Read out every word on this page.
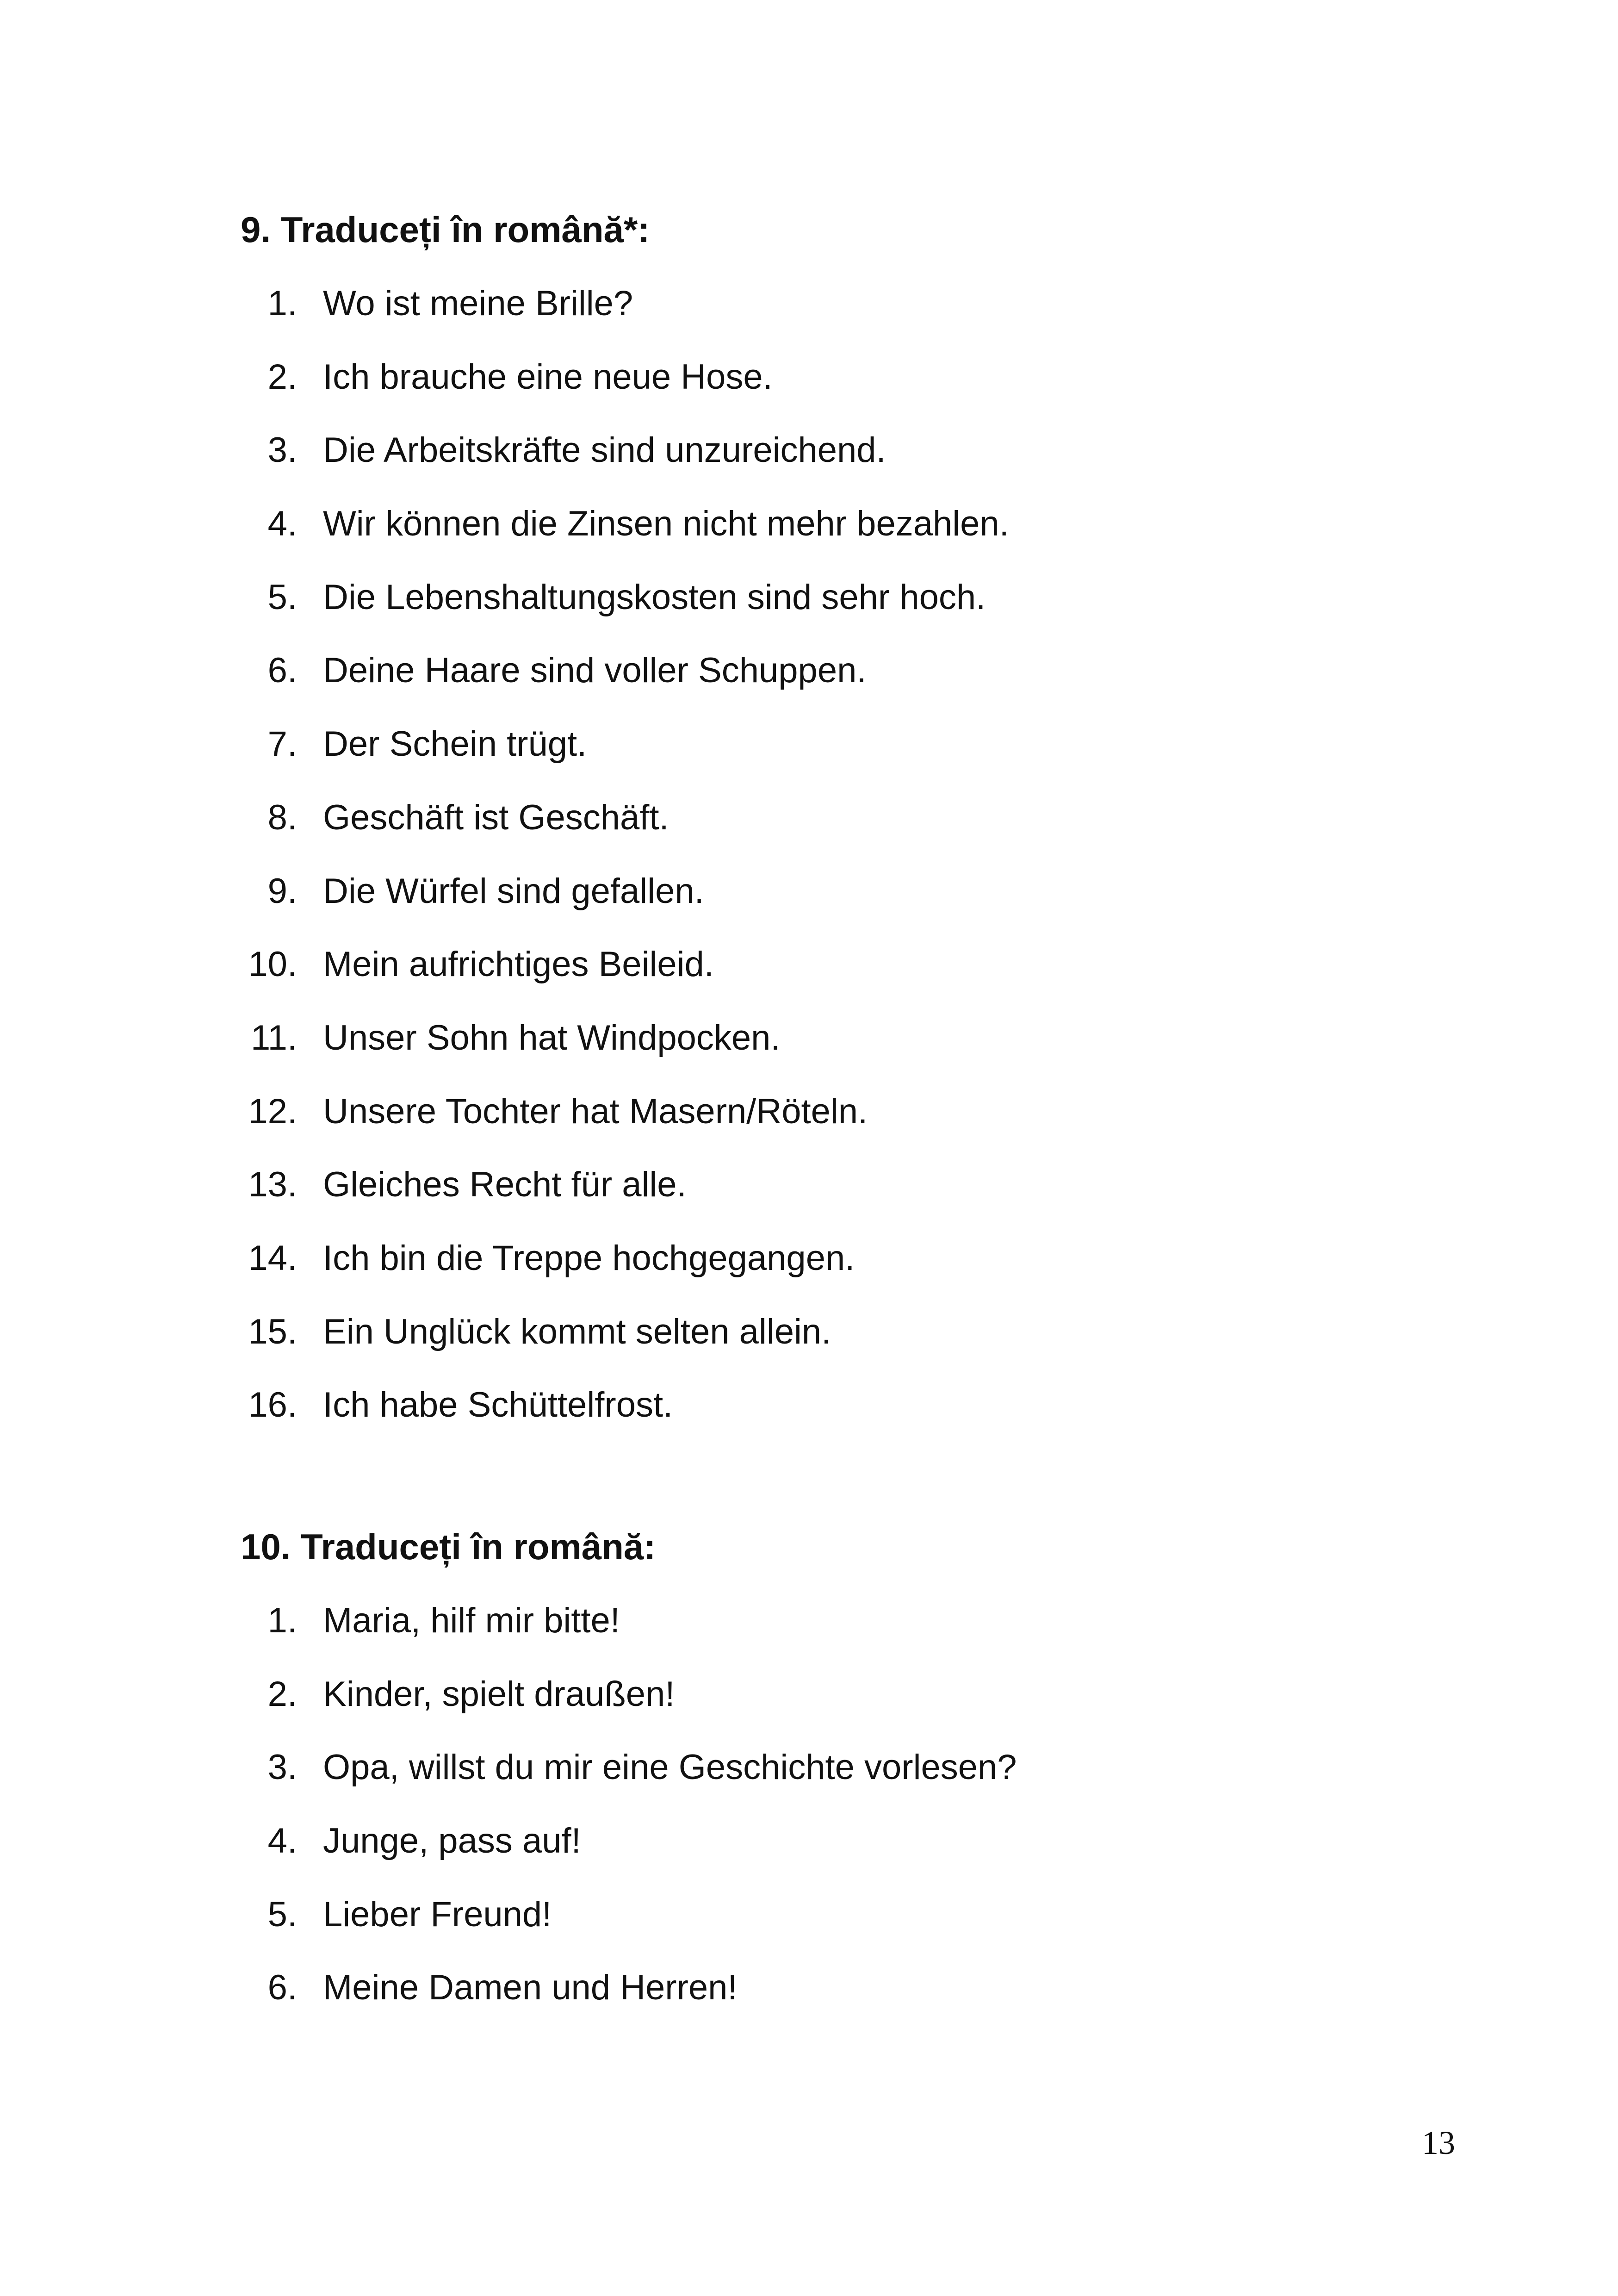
9. Traduceți în română*:
1. Wo ist meine Brille?
2. Ich brauche eine neue Hose.
3. Die Arbeitskräfte sind unzureichend.
4. Wir können die Zinsen nicht mehr bezahlen.
5. Die Lebenshaltungskosten sind sehr hoch.
6. Deine Haare sind voller Schuppen.
7. Der Schein trügt.
8. Geschäft ist Geschäft.
9. Die Würfel sind gefallen.
10. Mein aufrichtiges Beileid.
11. Unser Sohn hat Windpocken.
12. Unsere Tochter hat Masern/Röteln.
13. Gleiches Recht für alle.
14. Ich bin die Treppe hochgegangen.
15. Ein Unglück kommt selten allein.
16. Ich habe Schüttelfrost.
10. Traduceți în română:
1. Maria, hilf mir bitte!
2. Kinder, spielt draußen!
3. Opa, willst du mir eine Geschichte vorlesen?
4. Junge, pass auf!
5. Lieber Freund!
6. Meine Damen und Herren!
13
